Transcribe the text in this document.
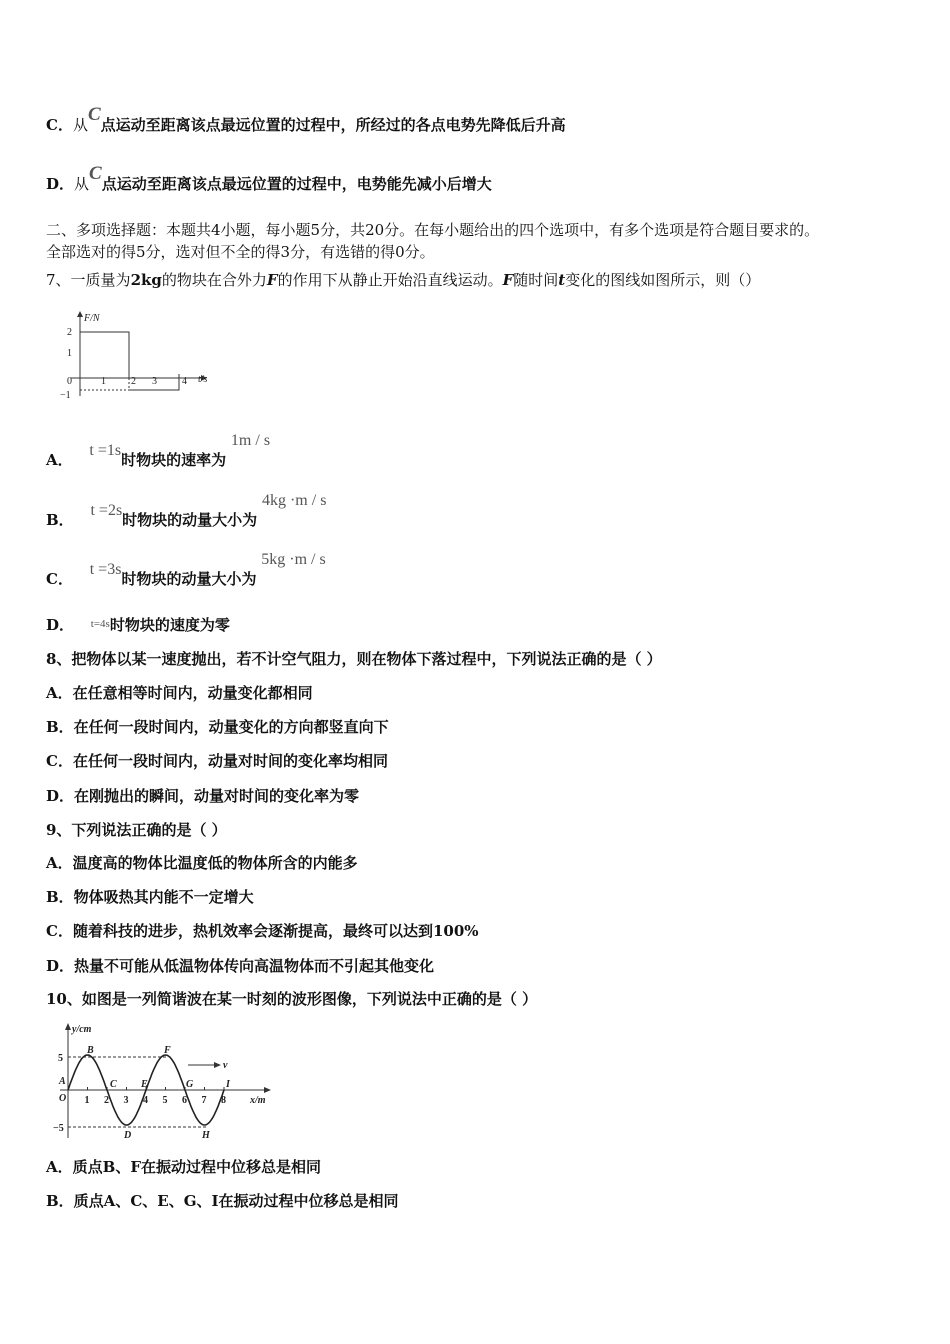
C．从C点运动至距离该点最远位置的过程中，所经过的各点电势先降低后升高
D．从C点运动至距离该点最远位置的过程中，电势能先减小后增大
二、多项选择题：本题共4小题，每小题5分，共20分。在每小题给出的四个选项中，有多个选项是符合题目要求的。
全部选对的得5分，选对但不全的得3分，有选错的得0分。
7、一质量为2kg的物块在合外力F的作用下从静止开始沿直线运动。F随时间t变化的图线如图所示，则（）
F/N
t/s
2
1
0
−1
1	2 3	4
A． t =1s时物块的速率为 1m / s
B． t =2s时物块的动量大小为 4kg ·m / s
C． t =3s时物块的动量大小为 5kg ·m / s
D． $^{t=4s}$时物块的速度为零
8、把物体以某一速度抛出，若不计空气阻力，则在物体下落过程中，下列说法正确的是（ ）
A．在任意相等时间内，动量变化都相同
B．在任何一段时间内，动量变化的方向都竖直向下
C．在任何一段时间内，动量对时间的变化率均相同
D．在刚抛出的瞬间，动量对时间的变化率为零
9、下列说法正确的是（ ）
A．温度高的物体比温度低的物体所含的内能多
B．物体吸热其内能不一定增大
C．随着科技的进步，热机效率会逐渐提高，最终可以达到100%
D．热量不可能从低温物体传向高温物体而不引起其他变化
10、如图是一列简谐波在某一时刻的波形图像，下列说法中正确的是（ ）
y/cm
x/m
5
−5
O 1 2 3 4 5 6 7 8
A
B
C
D
E
F
G
H
I
v
A．质点B、F在振动过程中位移总是相同
B．质点A、C、E、G、I在振动过程中位移总是相同
